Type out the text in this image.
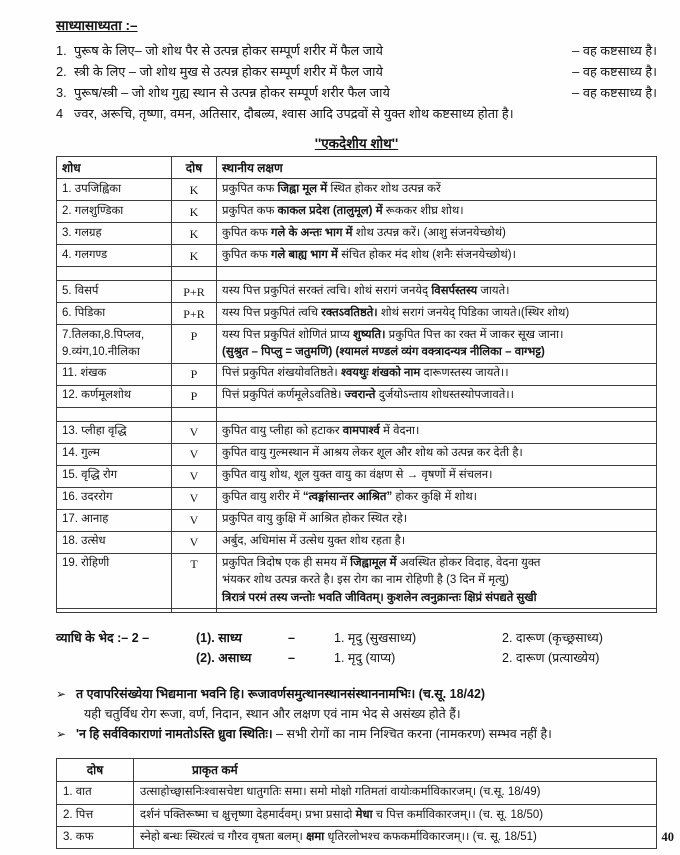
साध्यासाध्यता :–
1. पुरूष के लिए– जो शोथ पैर से उत्पन्न होकर सम्पूर्ण शरीर में फैल जाये	– वह कष्टसाध्य है।
2. स्त्री के लिए – जो शोथ मुख से उत्पन्न होकर सम्पूर्ण शरीर में फैल जाये	– वह कष्टसाध्य है।
3. पुरूष/स्त्री – जो शोथ गुह्य स्थान से उत्पन्न होकर सम्पूर्ण शरीर फैल जाये	– वह कष्टसाध्य है।
4 ज्वर, अरूचि, तृष्णा, वमन, अतिसार, दौबल्र्य, श्वास आदि उपद्रवों से युक्त शोथ कष्टसाध्य होता है।
''एकदेशीय शोथ''
शोध	दोष	स्थानीय लक्षण
1. उपजिह्विका	K	प्रकुपित कफ जिह्वा मूल में स्थित होकर शोथ उत्पन्न करें
2. गलशुण्डिका	K	प्रकुपित कफ काकल प्रदेश (तालुमूल) में रूककर शीघ्र शोथ।
3. गलग्रह	K	कुपित कफ गले के अन्तः भाग में शोथ उत्पन्न करें। (आशु संजनयेच्छोथं)
4. गलगण्ड	K	कुपित कफ गले बाह्य भाग में संचित होकर मंद शोथ (शनैः संजनयेच्छोथं)।

5. विसर्प	P+R	यस्य पित्त प्रकुपितं सरक्तं त्वचि। शोथं सरागं जनयेद् विसर्पस्तस्य जायते।
6. पिडिका	P+R	यस्य पित्त प्रकुपितं त्वचि रक्तऽवतिष्ठते। शोथं सरागं जनयेद् पिडिका जायते।(स्थिर शोथ)
7.तिलका,8.पिप्लव,
9.व्यंग,10.नीलिका	P	यस्य पित्त प्रकुपितं शोणितं प्राप्य शुष्यति। प्रकुपित पित्त का रक्त में जाकर सूख जाना।
(सुश्रुत – पिप्लु = जतुमणि) (श्यामलं मण्डलं व्यंग वक्त्रादन्यत्र नीलिका – वाग्भट्ट)
11. शंखक	P	पित्तं प्रकुपित शंखयोवतिष्ठते। श्वयथुः शंखको नाम दारूणस्तस्य जायते।।
12. कर्णमूलशोथ	P	पित्तं प्रकुपितं कर्णमूलेऽवतिष्ठे। ज्वरान्ते दुर्जयोऽन्ताय शोधस्तस्योपजावते।।

13. प्लीहा वृद्धि	V	कुपित वायु प्लीहा को हटाकर वामपार्श्व में वेदना।
14. गुल्म	V	कुपित वायु गुल्मस्थान में आश्रय लेकर शूल और शोथ को उत्पन्न कर देती है।
15. वृद्धि रोग	V	कुपित वायु शोथ, शूल युक्त वायु का वंक्षण से → वृषणों में संचलन।
16. उदररोग	V	कुपित वायु शरीर में “त्वङ्मांसान्तर आश्रित” होकर कुक्षि में शोथ।
17. आनाह	V	प्रकुपित वायु कुक्षि में आश्रित होकर स्थित रहे।
18. उत्सेध	V	अर्बुद, अधिमांस में उत्सेध युक्त शोथ रहता है।
19. रोहिणी	T	प्रकुपित त्रिदोष एक ही समय में जिह्वामूल में अवस्थित होकर विदाह, वेदना युक्त
भंयकर शोथ उत्पन्न करते है। इस रोग का नाम रोहिणी है (3 दिन में मृत्यु)
त्रिरात्रं परमं तस्य जन्तोः भवति जीवितम्। कुशलेन त्वनुक्रान्तः क्षिप्रं संपद्यते सुखी

व्याधि के भेद :– 2 –	(1). साध्य	–	1. मृदु (सुखसाध्य)	2. दारूण (कृच्छ्रसाध्य)
(2). असाध्य	–	1. मृदु (याप्य)	2. दारूण (प्रत्याख्येय)
➢ त एवापरिसंख्येया भिद्यमाना भवनि हि। रूजावर्णसमुत्थानस्थानसंस्थाननामभिः। (च.सू. 18/42)
यही चतुर्विध रोग रूजा, वर्ण, निदान, स्थान और लक्षण एवं नाम भेद से असंख्य होते हैं।
➢ 'न हि सर्वविकाराणां नामतोऽस्ति ध्रुवा स्थितिः। – सभी रोगों का नाम निश्चित करना (नामकरण) सम्भव नहीं है।
दोष	प्राकृत कर्म
1. वात	उत्साहोच्छ्वासनिःश्वासचेष्टा धातुगतिः समा। समो मोक्षो गतिमतां वायोःकर्माविकारजम्। (च.सू. 18/49)
2. पित्त	दर्शनं पक्तिरूष्मा च क्षुत्तृष्णा देहमार्दवम्। प्रभा प्रसादो मेधा च पित्त कर्माविकारजम्।। (च. सू. 18/50)
3. कफ	स्नेहो बन्धः स्थिरत्वं च गौरव वृषता बलम्। क्षमा धृतिरलोभश्च कफकर्माविकारजम्।। (च. सू. 18/51)	40
